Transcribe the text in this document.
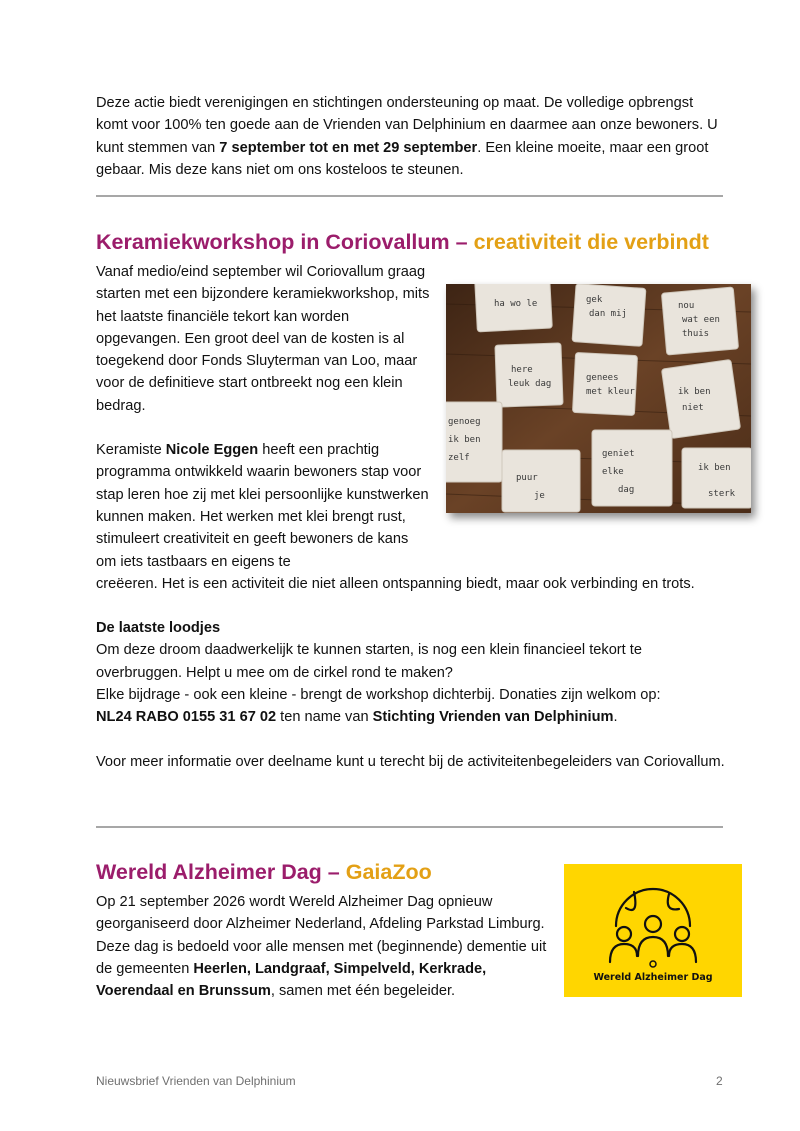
Deze actie biedt verenigingen en stichtingen ondersteuning op maat. De volledige opbrengst komt voor 100% ten goede aan de Vrienden van Delphinium en daarmee aan onze bewoners. U kunt stemmen van 7 september tot en met 29 september. Een kleine moeite, maar een groot gebaar. Mis deze kans niet om ons kosteloos te steunen.

Keramiekworkshop in Coriovallum – creativiteit die verbindt

Vanaf medio/eind september wil Coriovallum graag starten met een bijzondere keramiekworkshop, mits het laatste financiële tekort kan worden opgevangen. Een groot deel van de kosten is al toegekend door Fonds Sluyterman van Loo, maar voor de definitieve start ontbreekt nog een klein bedrag.

Keramiste Nicole Eggen heeft een prachtig programma ontwikkeld waarin bewoners stap voor stap leren hoe zij met klei persoonlijke kunstwerken kunnen maken. Het werken met klei brengt rust, stimuleert creativiteit en geeft bewoners de kans om iets tastbaars en eigens te

creëeren. Het is een activiteit die niet alleen ontspanning biedt, maar ook verbinding en trots.

De laatste loodjes

Om deze droom daadwerkelijk te kunnen starten, is nog een klein financieel tekort te overbruggen. Helpt u mee om de cirkel rond te maken?

Elke bijdrage - ook een kleine - brengt de workshop dichterbij. Donaties zijn welkom op:

NL24 RABO 0155 31 67 02 ten name van Stichting Vrienden van Delphinium.

Voor meer informatie over deelname kunt u terecht bij de activiteitenbegeleiders van Coriovallum.

ha wo le	gek
dan mij
nou
wat een
thuis
here
leuk dag
genees
met kleur	ik ben
niet
genoeg
ik ben
zelf
puur
je
geniet
elke
dag
ik ben
sterk
Wereld Alzheimer Dag – GaiaZoo

Op 21 september 2026 wordt Wereld Alzheimer Dag opnieuw georganiseerd door Alzheimer Nederland, Afdeling Parkstad Limburg. Deze dag is bedoeld voor alle mensen met (beginnende) dementie uit de gemeenten Heerlen, Landgraaf, Simpelveld, Kerkrade, Voerendaal en Brunssum, samen met één begeleider.

Wereld Alzheimer Dag
Nieuwsbrief Vrienden van Delphinium	2
